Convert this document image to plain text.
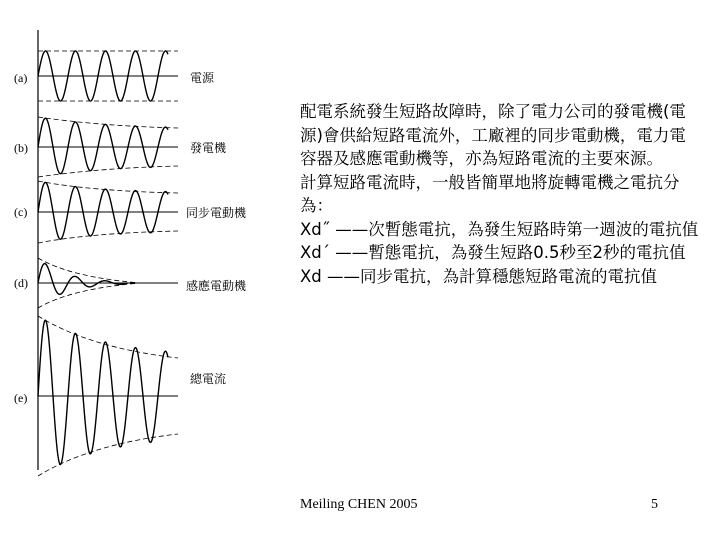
(a)
(b)
(c)
(d)
(e)
電源
發電機
同步電動機
感應電動機
總電流

配電系統發生短路故障時，除了電力公司的發電機(電源)會供給短路電流外，工廠裡的同步電動機，電力電容器及感應電動機等，亦為短路電流的主要來源。

計算短路電流時，一般皆簡單地將旋轉電機之電抗分為：

Xd˝ ——次暫態電抗，為發生短路時第一週波的電抗值

Xd´ ——暫態電抗，為發生短路0.5秒至2秒的電抗值

Xd ——同步電抗，為計算穩態短路電流的電抗值

Meiling CHEN 2005	5
